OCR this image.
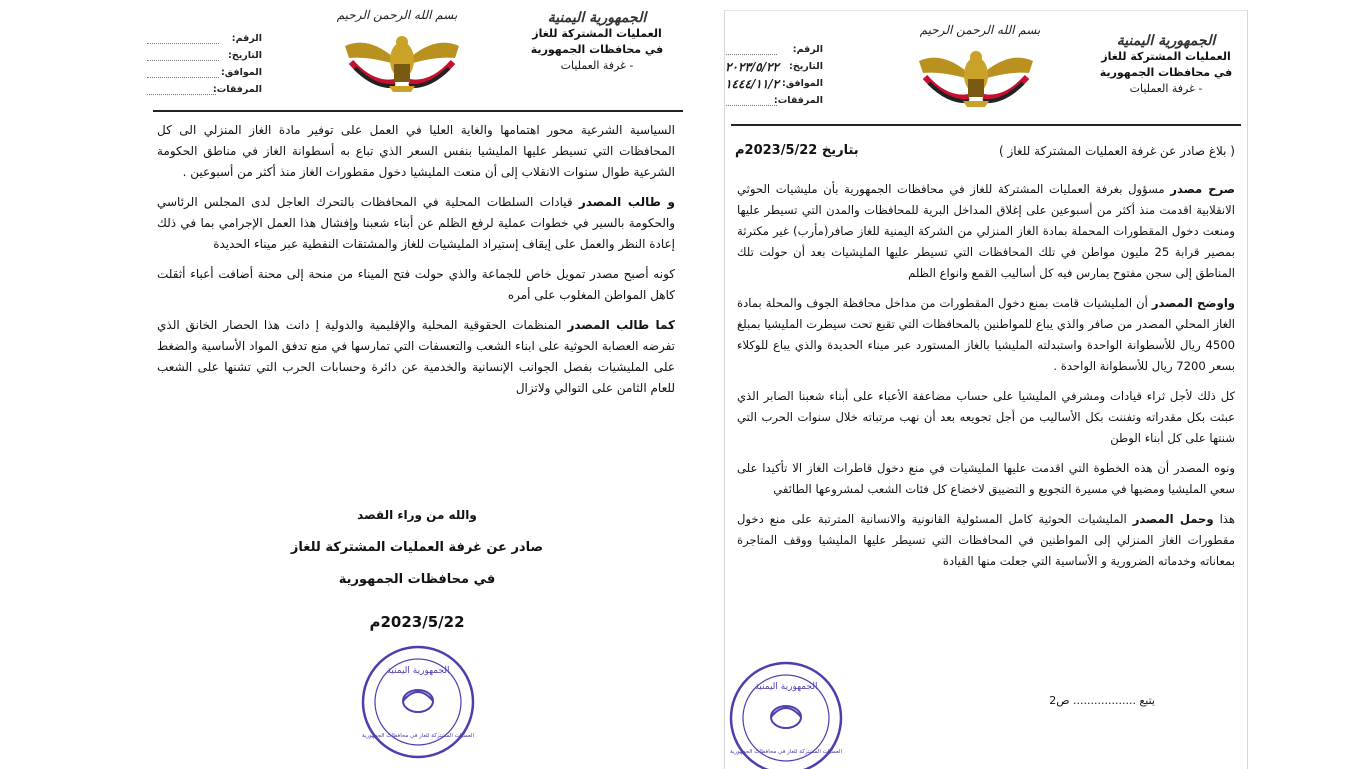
الرقم:
التاريخ:
الموافق:
المرفقات:
بسم الله الرحمن الرحيم	الجمهورية اليمنية
العمليات المشتركة للغاز
في محافظات الجمهورية
- غرفة العمليات

السياسية الشرعية محور اهتمامها والغاية العليا في العمل على توفير مادة الغاز المنزلي الى كل المحافظات التي تسيطر عليها المليشيا بنفس السعر الذي تباع به أسطوانة الغاز في مناطق الحكومة الشرعية طوال سنوات الانقلاب إلى أن منعت المليشيا دخول مقطورات الغاز منذ أكثر من أسبوعين .

و طالب المصدر قيادات السلطات المحلية في المحافظات بالتحرك العاجل لدى المجلس الرئاسي والحكومة بالسير في خطوات عملية لرفع الظلم عن أبناء شعبنا وإفشال هذا العمل الإجرامي بما في ذلك إعادة النظر والعمل على إيقاف إستيراد المليشيات للغاز والمشتقات النفطية عبر ميناء الحديدة

كونه أصبح مصدر تمويل خاص للجماعة والذي حولت فتح الميناء من منحة إلى محنة أضافت أعباء أثقلت كاهل المواطن المغلوب على أمره

كما طالب المصدر المنظمات الحقوقية المحلية والإقليمية والدولية إ دانت هذا الحصار الخانق الذي تفرضه العصابة الحوثية على ابناء الشعب والتعسفات التي تمارسها في منع تدفق المواد الأساسية والضغط على المليشيات بفصل الجوانب الإنسانية والخدمية عن دائرة وحسابات الحرب التي تشنها على الشعب للعام الثامن على التوالي ولاتزال

والله من وراء القصد
صادر عن غرفة العمليات المشتركة للغاز
في محافظات الجمهورية
2023/5/22م
الجمهورية اليمنية
العمليات المشتركة للغاز في محافظات الجمهورية
الرقم:
التاريخ:
٢٠٢٣/٥/٢٢
الموافق:
١٤٤٤/١١/٢
المرفقات:
بسم الله الرحمن الرحيم
الجمهورية اليمنية
العمليات المشتركة للغاز
في محافظات الجمهورية
- غرفة العمليات
( بلاغ صادر عن غرفة العمليات المشتركة للغاز )
بتاريخ 2023/5/22م

صرح مصدر مسؤول بغرفة العمليات المشتركة للغاز في محافظات الجمهورية بأن مليشيات الحوثي الانقلابية اقدمت منذ أكثر من أسبوعين على إغلاق المداخل البرية للمحافظات والمدن التي تسيطر عليها ومنعت دخول المقطورات المحملة بمادة الغاز المنزلي من الشركة اليمنية للغاز صافر(مأرب) غير مكترثة بمصير قرابة 25 مليون مواطن في تلك المحافظات التي تسيطر عليها المليشيات بعد أن حولت تلك المناطق إلى سجن مفتوح يمارس فيه كل أساليب القمع وانواع الظلم

واوضح المصدر أن المليشيات قامت بمنع دخول المقطورات من مداخل محافظة الجوف والمحلة بمادة الغاز المحلي المصدر من صافر والذي يباع للمواطنين بالمحافظات التي تقبع تحت سيطرت المليشيا بمبلغ 4500 ريال للأسطوانة الواحدة واستبدلته المليشيا بالغاز المستورد عبر ميناء الحديدة والذي يباع للوكلاء بسعر 7200 ريال للأسطوانة الواحدة .

كل ذلك لأجل ثراء قيادات ومشرفي المليشيا على حساب مضاعفة الأعباء على أبناء شعبنا الصابر الذي عبثت بكل مقدراته وتفننت بكل الأساليب من أجل تجويعه بعد أن نهب مرتباته خلال سنوات الحرب التي شنتها على كل أبناء الوطن

ونوه المصدر أن هذه الخطوة التي اقدمت عليها المليشيات في منع دخول قاطرات الغاز الا تأكيدا على سعي المليشيا ومضيها في مسيرة التجويع و التضييق لاخضاع كل فئات الشعب لمشروعها الطائفي

هذا وحمل المصدر المليشيات الحوثية كامل المسئولية القانونية والانسانية المترتبة على منع دخول مقطورات الغاز المنزلي إلى المواطنين في المحافظات التي تسيطر عليها المليشيا ووقف المتاجرة بمعاناته وخدماته الضرورية و الأساسية التي جعلت منها القيادة

يتبع .................. ص2
الجمهورية اليمنية
العمليات المشتركة للغاز في محافظات الجمهورية
